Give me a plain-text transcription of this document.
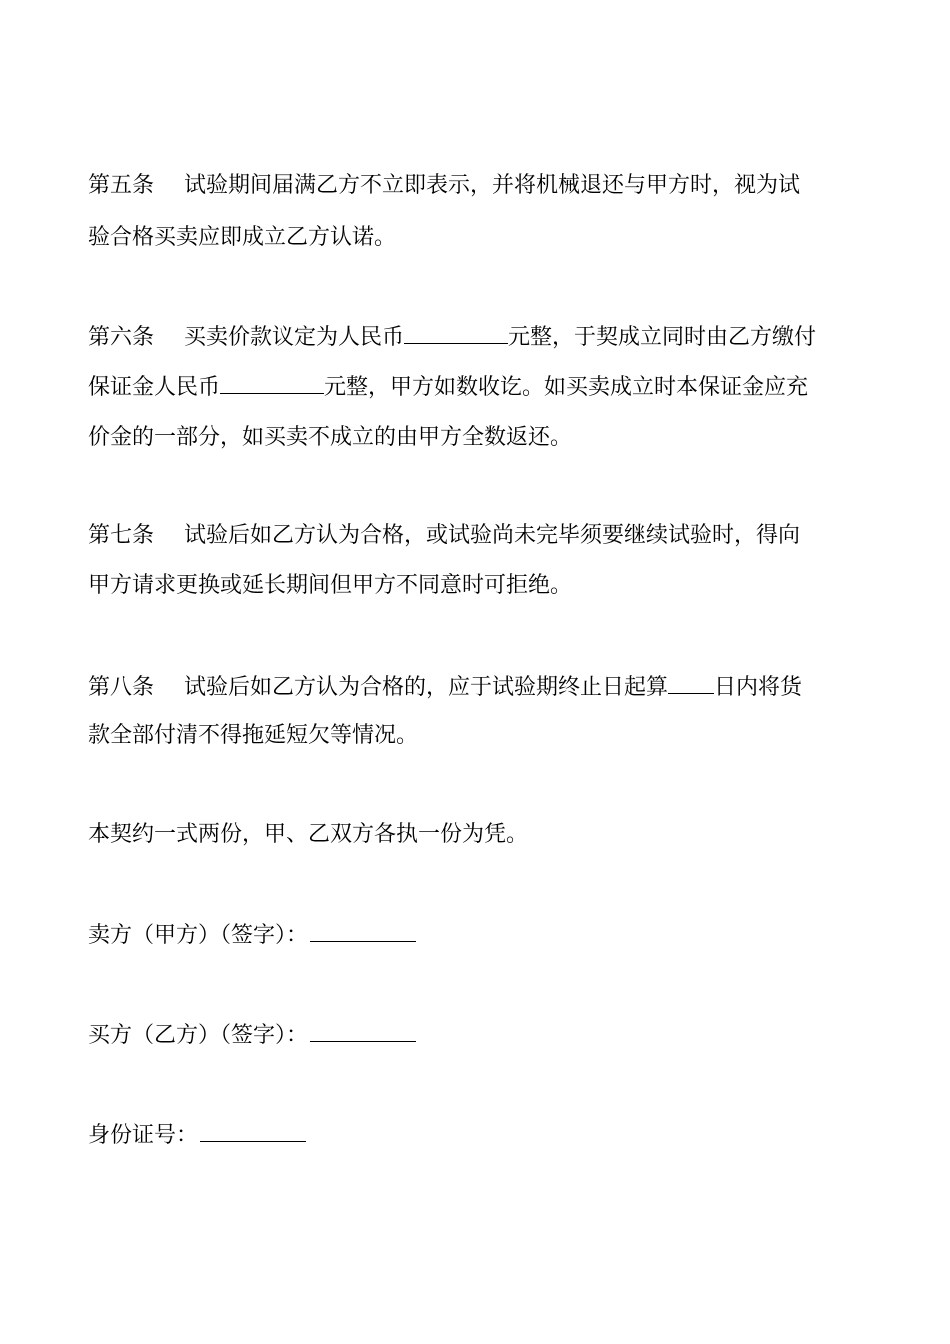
第五条 试验期间届满乙方不立即表示，并将机械退还与甲方时，视为试
验合格买卖应即成立乙方认诺。
第六条 买卖价款议定为人民币	元整，于契成立同时由乙方缴付
保证金人民币	元整，甲方如数收讫。如买卖成立时本保证金应充
价金的一部分，如买卖不成立的由甲方全数返还。
第七条 试验后如乙方认为合格，或试验尚未完毕须要继续试验时，得向
甲方请求更换或延长期间但甲方不同意时可拒绝。
第八条 试验后如乙方认为合格的，应于试验期终止日起算 日内将货
款全部付清不得拖延短欠等情况。
本契约一式两份，甲、乙双方各执一份为凭。
卖方（甲方）（签字）：
买方（乙方）（签字）：
身份证号：
